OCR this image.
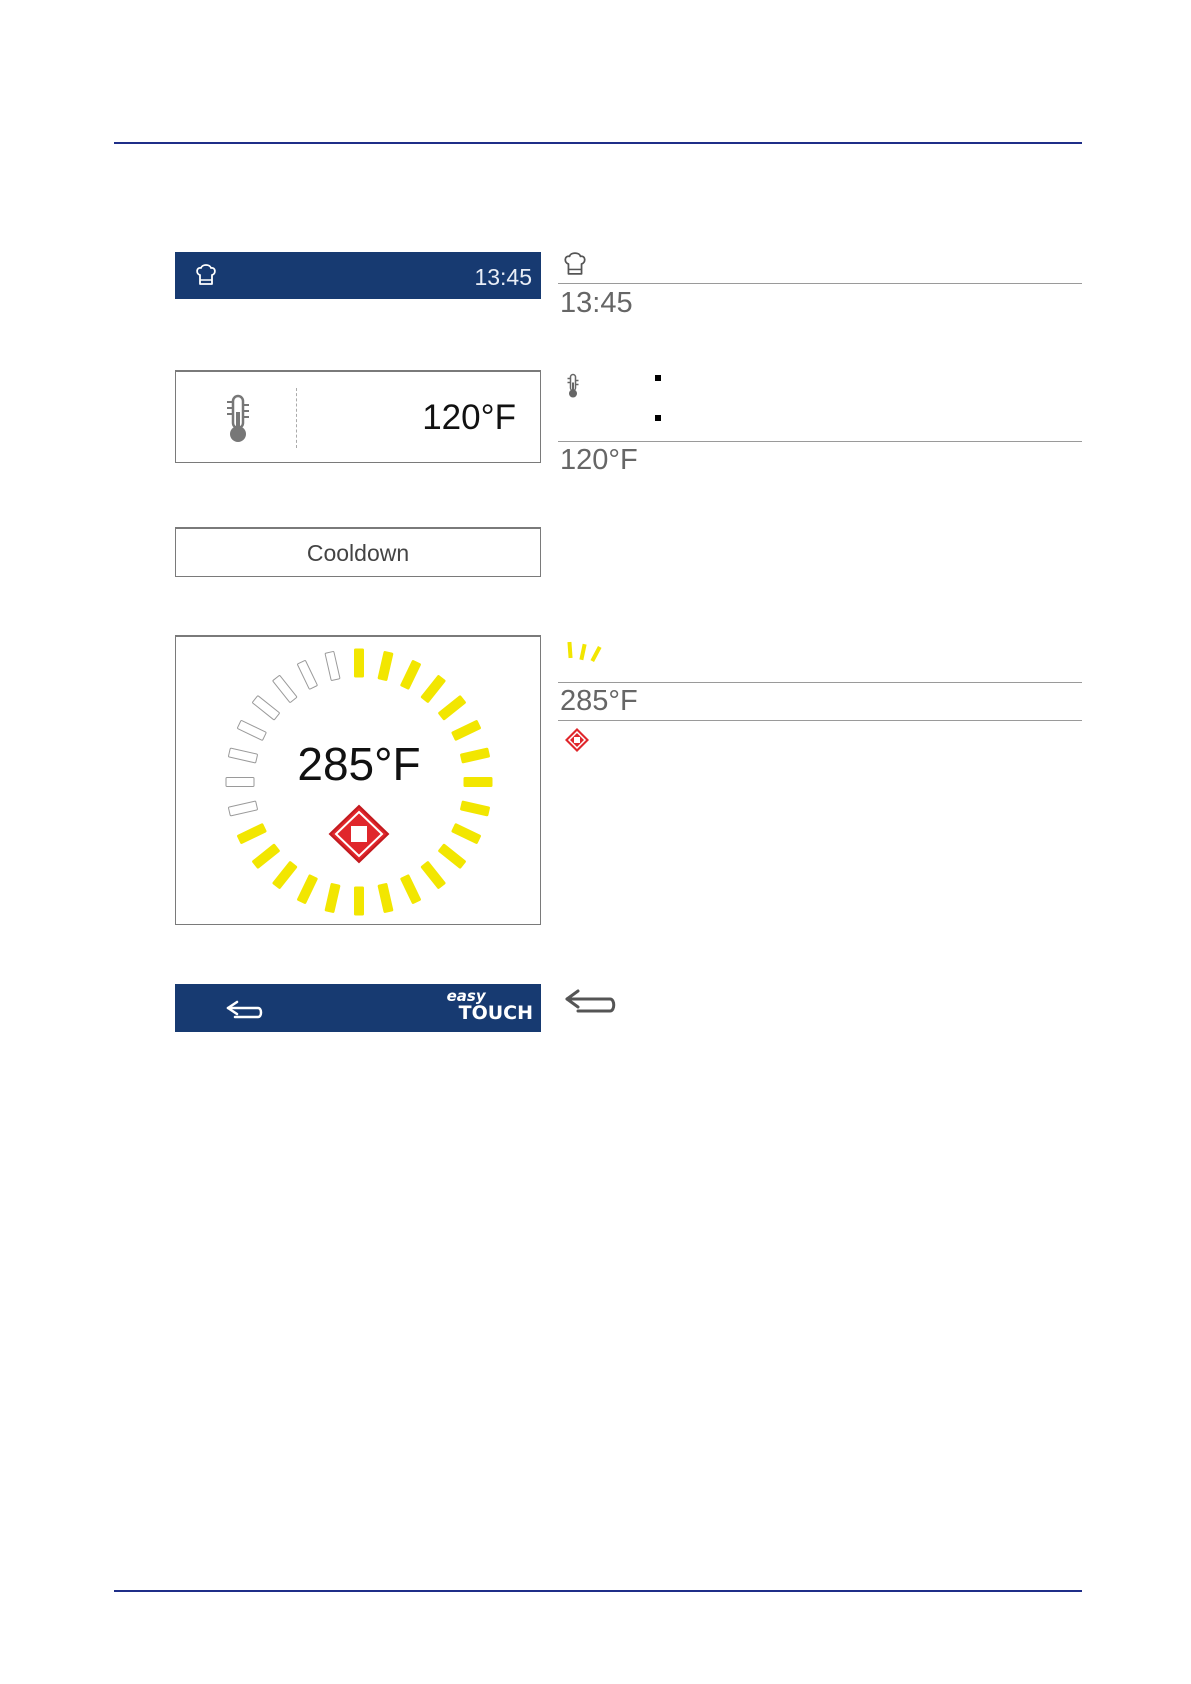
13:45
120°F
Cooldown
285°F
easy
TOUCH
13:45
120°F
285°F
